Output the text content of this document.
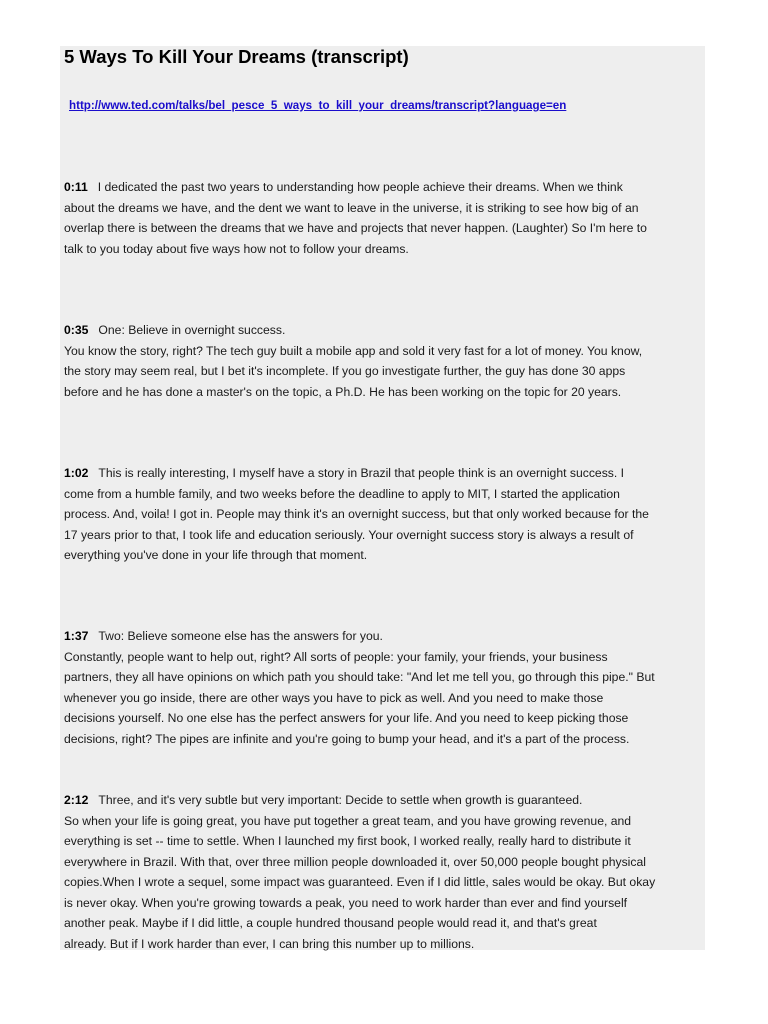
5 Ways To Kill Your Dreams (transcript)
http://www.ted.com/talks/bel_pesce_5_ways_to_kill_your_dreams/transcript?language=en
0:11 I dedicated the past two years to understanding how people achieve their dreams. When we think
about the dreams we have, and the dent we want to leave in the universe, it is striking to see how big of an
overlap there is between the dreams that we have and projects that never happen. (Laughter) So I'm here to
talk to you today about five ways how not to follow your dreams.
0:35 One: Believe in overnight success.
You know the story, right? The tech guy built a mobile app and sold it very fast for a lot of money. You know,
the story may seem real, but I bet it's incomplete. If you go investigate further, the guy has done 30 apps
before and he has done a master's on the topic, a Ph.D. He has been working on the topic for 20 years.
1:02 This is really interesting, I myself have a story in Brazil that people think is an overnight success. I
come from a humble family, and two weeks before the deadline to apply to MIT, I started the application
process. And, voila! I got in. People may think it's an overnight success, but that only worked because for the
17 years prior to that, I took life and education seriously. Your overnight success story is always a result of
everything you've done in your life through that moment.
1:37 Two: Believe someone else has the answers for you.
Constantly, people want to help out, right? All sorts of people: your family, your friends, your business
partners, they all have opinions on which path you should take: "And let me tell you, go through this pipe." But
whenever you go inside, there are other ways you have to pick as well. And you need to make those
decisions yourself. No one else has the perfect answers for your life. And you need to keep picking those
decisions, right? The pipes are infinite and you're going to bump your head, and it's a part of the process.
2:12 Three, and it's very subtle but very important: Decide to settle when growth is guaranteed.
So when your life is going great, you have put together a great team, and you have growing revenue, and
everything is set -- time to settle. When I launched my first book, I worked really, really hard to distribute it
everywhere in Brazil. With that, over three million people downloaded it, over 50,000 people bought physical
copies.When I wrote a sequel, some impact was guaranteed. Even if I did little, sales would be okay. But okay
is never okay. When you're growing towards a peak, you need to work harder than ever and find yourself
another peak. Maybe if I did little, a couple hundred thousand people would read it, and that's great
already. But if I work harder than ever, I can bring this number up to millions.
